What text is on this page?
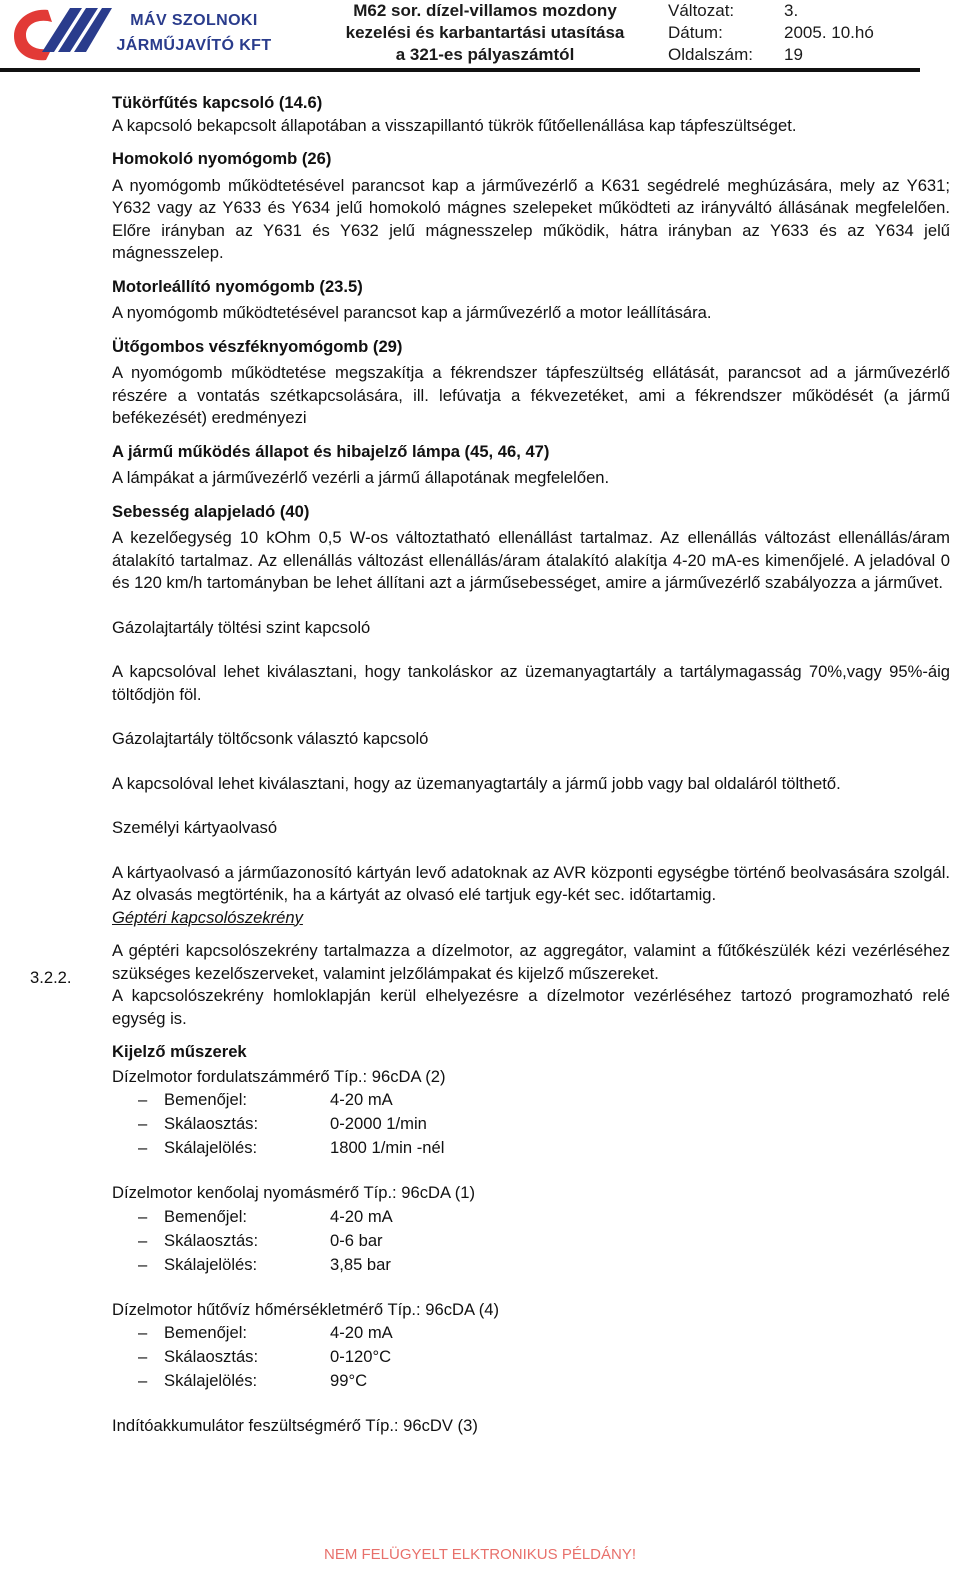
MÁV SZOLNOKI
JÁRMŰJAVÍTÓ KFT
M62 sor. dízel-villamos mozdony
kezelési és karbantartási utasítása
a 321-es pályaszámtól
Változat:	3.
Dátum:	2005. 10.hó
Oldalszám:	19

Tükörfűtés kapcsoló (14.6)

A kapcsoló bekapcsolt állapotában a visszapillantó tükrök fűtőellenállása kap tápfeszültséget.

Homokoló nyomógomb (26)

A nyomógomb működtetésével parancsot kap a járművezérlő a K631 segédrelé meghúzására, mely az Y631; Y632 vagy az Y633 és Y634 jelű homokoló mágnes szelepeket működteti az irányváltó állásának megfelelően. Előre irányban az Y631 és Y632 jelű mágnesszelep működik, hátra irányban az Y633 és az Y634 jelű mágnesszelep.

Motorleállító nyomógomb (23.5)

A nyomógomb működtetésével parancsot kap a járművezérlő a motor leállítására.

Ütőgombos vészféknyomógomb (29)

A nyomógomb működtetése megszakítja a fékrendszer tápfeszültség ellátását, parancsot ad a járművezérlő részére a vontatás szétkapcsolására, ill. lefúvatja a fékvezetéket, ami a fékrendszer működését (a jármű befékezését) eredményezi

A jármű működés állapot és hibajelző lámpa (45, 46, 47)

A lámpákat a járművezérlő vezérli a jármű állapotának megfelelően.

Sebesség alapjeladó (40)

A kezelőegység 10 kOhm 0,5 W-os változtatható ellenállást tartalmaz. Az ellenállás változást ellenállás/áram átalakító tartalmaz. Az ellenállás változást ellenállás/áram átalakító alakítja 4-20 mA-es kimenőjelé. A jeladóval 0 és 120 km/h tartományban be lehet állítani azt a járműsebességet, amire a járművezérlő szabályozza a járművet.

Gázolajtartály töltési szint kapcsoló

A kapcsolóval lehet kiválasztani, hogy tankoláskor az üzemanyagtartály a tartálymagasság 70%,vagy 95%-áig töltődjön föl.

Gázolajtartály töltőcsonk választó kapcsoló

A kapcsolóval lehet kiválasztani, hogy az üzemanyagtartály a jármű jobb vagy bal oldaláról tölthető.

Személyi kártyaolvasó

A kártyaolvasó a járműazonosító kártyán levő adatoknak az AVR központi egységbe történő beolvasására szolgál. Az olvasás megtörténik, ha a kártyát az olvasó elé tartjuk egy-két sec. időtartamig.

Géptéri kapcsolószekrény

A géptéri kapcsolószekrény tartalmazza a dízelmotor, az aggregátor, valamint a fűtőkészülék kézi vezérléséhez szükséges kezelőszerveket, valamint jelzőlámpakat és kijelző műszereket.

A kapcsolószekrény homloklapján kerül elhelyezésre a dízelmotor vezérléséhez tartozó programozható relé egység is.

Kijelző műszerek

Dízelmotor fordulatszámmérő Típ.: 96cDA (2)

–	Bemenőjel:	4-20 mA
–	Skálaosztás:	0-2000 1/min
–	Skálajelölés:	1800 1/min -nél

Dízelmotor kenőolaj nyomásmérő Típ.: 96cDA (1)

–	Bemenőjel:	4-20 mA
–	Skálaosztás:	0-6 bar
–	Skálajelölés:	3,85 bar

Dízelmotor hűtővíz hőmérsékletmérő Típ.: 96cDA (4)

–	Bemenőjel:	4-20 mA
–	Skálaosztás:	0-120°C
–	Skálajelölés:	99°C

Indítóakkumulátor feszültségmérő Típ.: 96cDV (3)

3.2.2.
NEM FELÜGYELT ELKTRONIKUS PÉLDÁNY!
